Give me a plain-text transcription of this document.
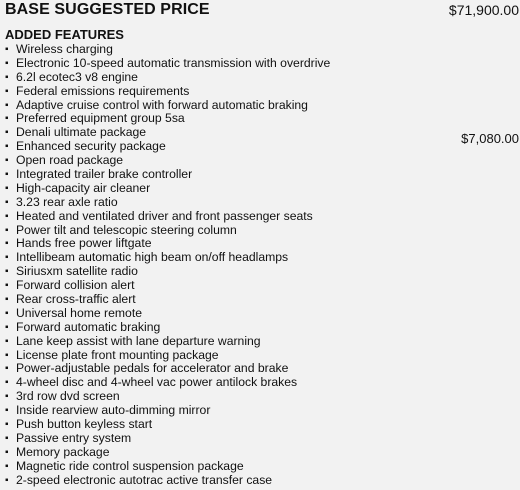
BASE SUGGESTED PRICE	$71,900.00
ADDED FEATURES
▪ Wireless charging
▪ Electronic 10-speed automatic transmission with overdrive
▪ 6.2l ecotec3 v8 engine
▪ Federal emissions requirements
▪ Adaptive cruise control with forward automatic braking
▪ Preferred equipment group 5sa
▪ Denali ultimate package
▪ Enhanced security package
▪ Open road package
▪ Integrated trailer brake controller
▪ High-capacity air cleaner
▪ 3.23 rear axle ratio
▪ Heated and ventilated driver and front passenger seats
▪ Power tilt and telescopic steering column
▪ Hands free power liftgate
▪ Intellibeam automatic high beam on/off headlamps
▪ Siriusxm satellite radio
▪ Forward collision alert
▪ Rear cross-traffic alert
▪ Universal home remote
▪ Forward automatic braking
▪ Lane keep assist with lane departure warning
▪ License plate front mounting package
▪ Power-adjustable pedals for accelerator and brake
▪ 4-wheel disc and 4-wheel vac power antilock brakes
▪ 3rd row dvd screen
▪ Inside rearview auto-dimming mirror
▪ Push button keyless start
▪ Passive entry system
▪ Memory package
▪ Magnetic ride control suspension package
▪ 2-speed electronic autotrac active transfer case
$7,080.00
